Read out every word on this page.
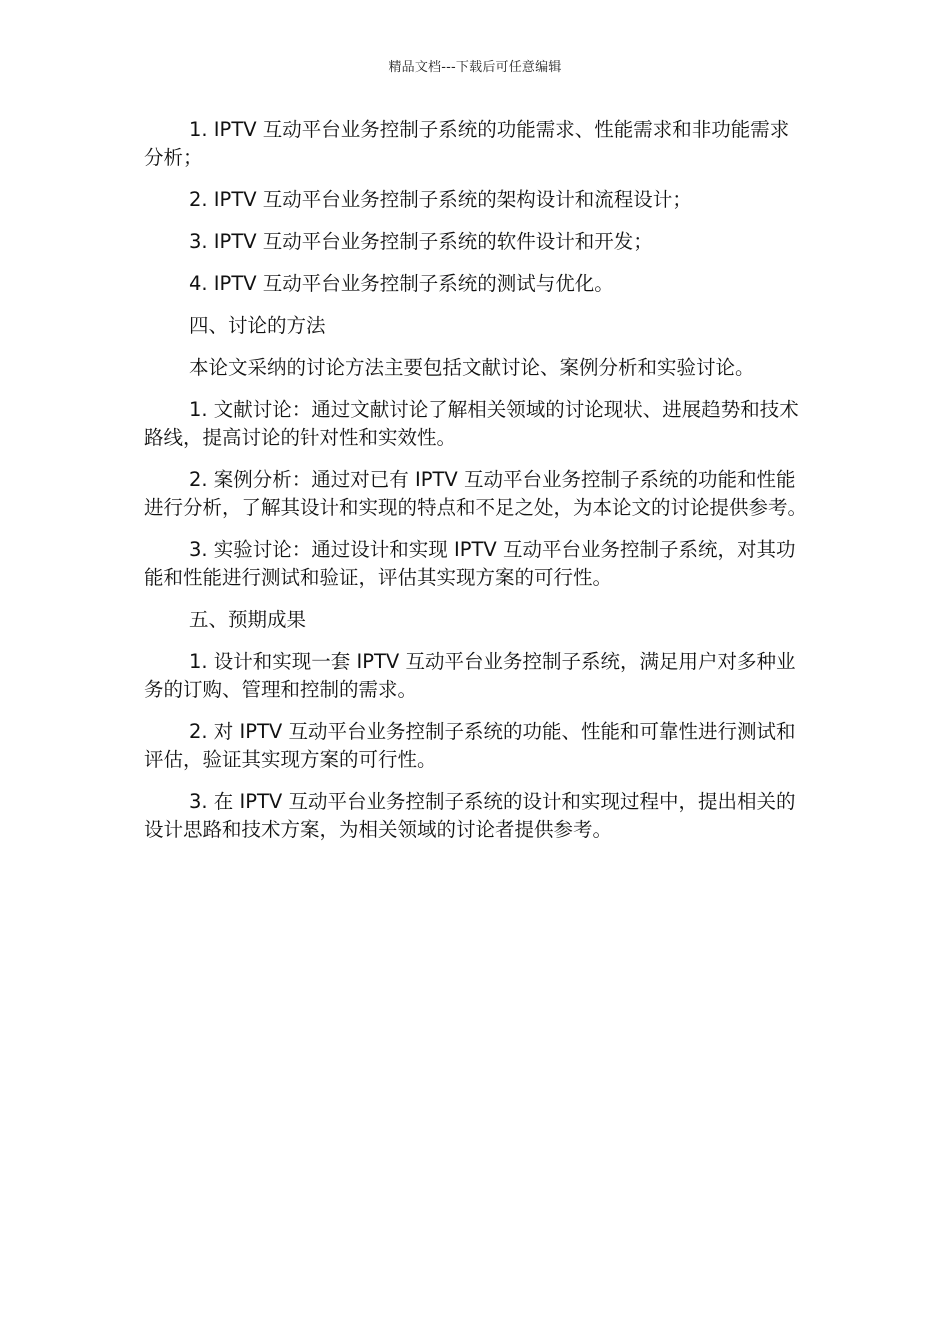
精品文档---下载后可任意编辑

1. IPTV 互动平台业务控制子系统的功能需求、性能需求和非功能需求分析；

2. IPTV 互动平台业务控制子系统的架构设计和流程设计；

3. IPTV 互动平台业务控制子系统的软件设计和开发；

4. IPTV 互动平台业务控制子系统的测试与优化。

四、讨论的方法

本论文采纳的讨论方法主要包括文献讨论、案例分析和实验讨论。

1. 文献讨论：通过文献讨论了解相关领域的讨论现状、进展趋势和技术路线，提高讨论的针对性和实效性。

2. 案例分析：通过对已有 IPTV 互动平台业务控制子系统的功能和性能进行分析，了解其设计和实现的特点和不足之处，为本论文的讨论提供参考。

3. 实验讨论：通过设计和实现 IPTV 互动平台业务控制子系统，对其功能和性能进行测试和验证，评估其实现方案的可行性。

五、预期成果

1. 设计和实现一套 IPTV 互动平台业务控制子系统，满足用户对多种业务的订购、管理和控制的需求。

2. 对 IPTV 互动平台业务控制子系统的功能、性能和可靠性进行测试和评估，验证其实现方案的可行性。

3. 在 IPTV 互动平台业务控制子系统的设计和实现过程中，提出相关的设计思路和技术方案，为相关领域的讨论者提供参考。
